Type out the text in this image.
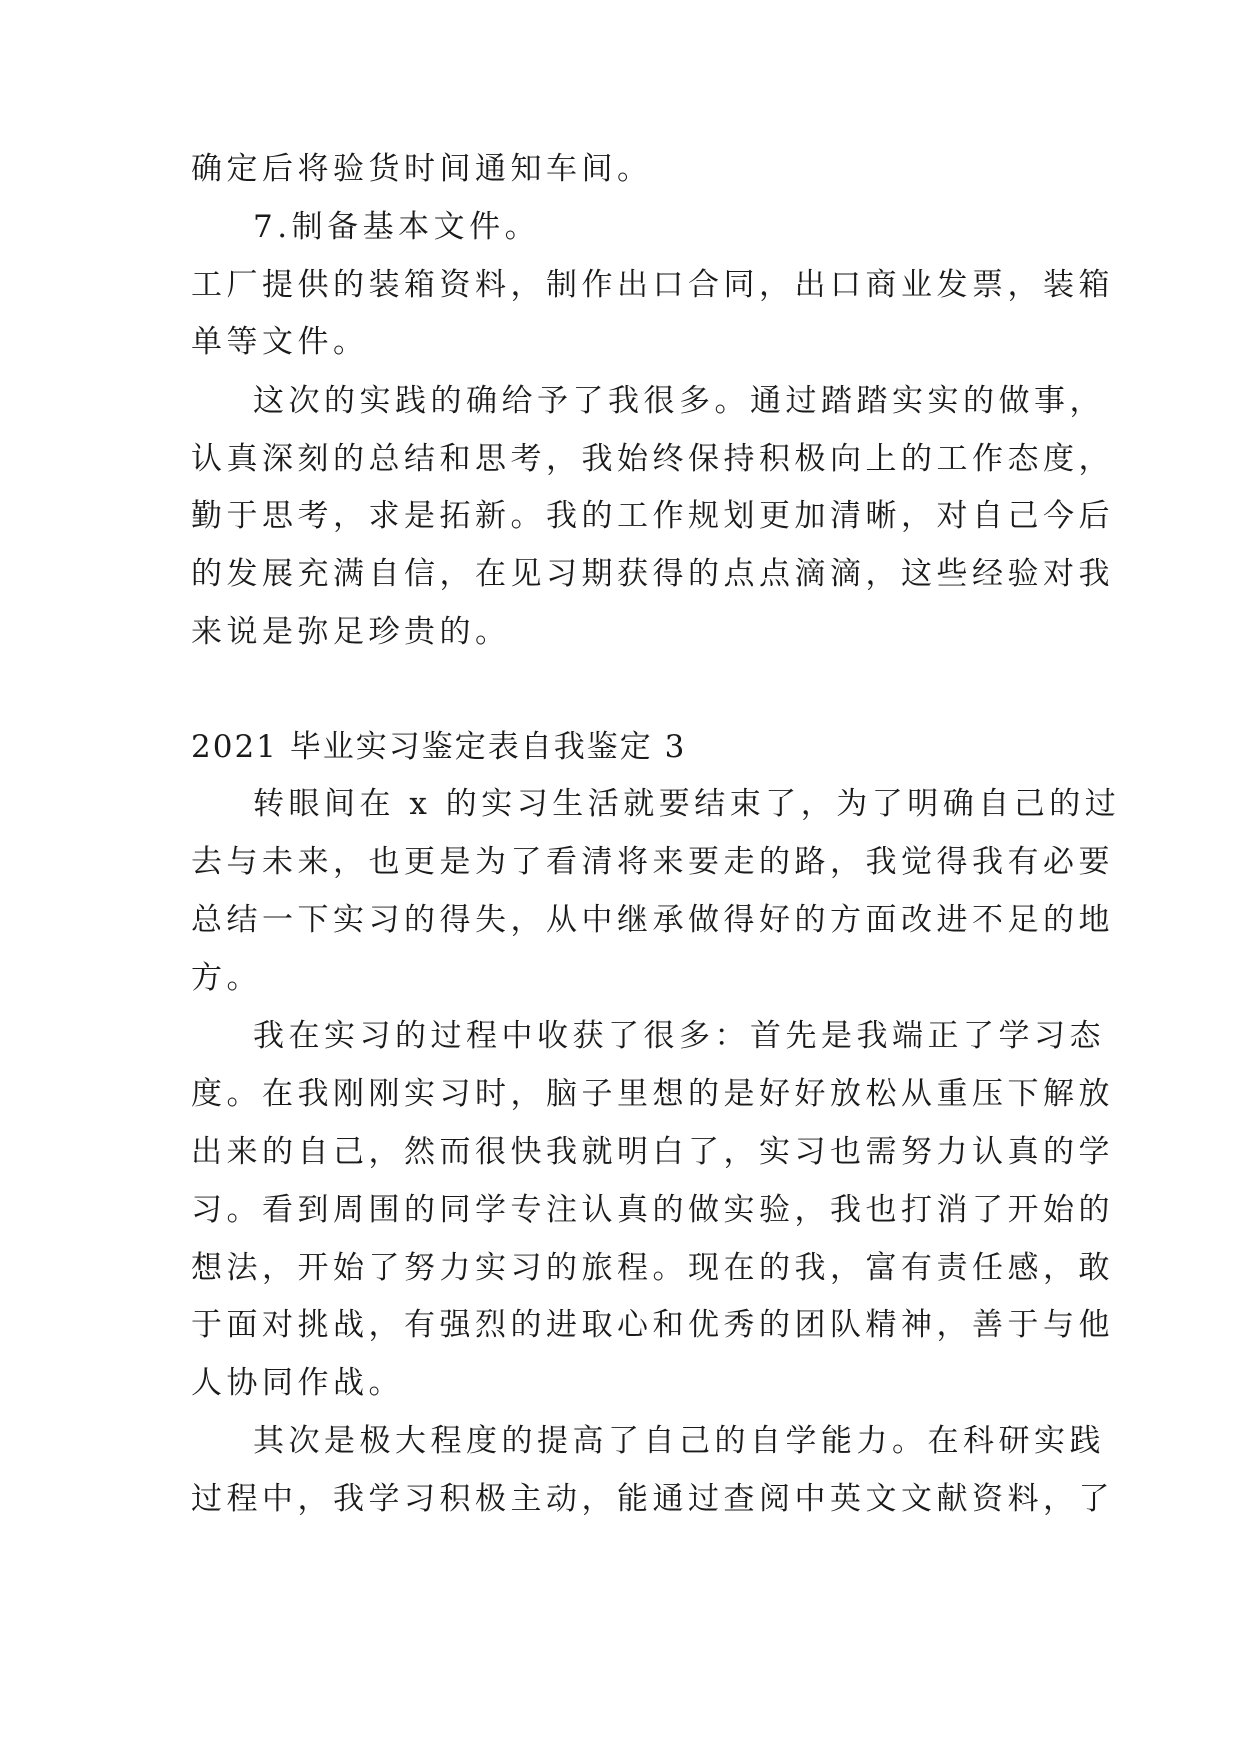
确定后将验货时间通知车间。
7.制备基本文件。
工厂提供的装箱资料，制作出口合同，出口商业发票，装箱
单等文件。
这次的实践的确给予了我很多。通过踏踏实实的做事，
认真深刻的总结和思考，我始终保持积极向上的工作态度，
勤于思考，求是拓新。我的工作规划更加清晰，对自己今后
的发展充满自信，在见习期获得的点点滴滴，这些经验对我
来说是弥足珍贵的。
2021 毕业实习鉴定表自我鉴定 3
转眼间在 x 的实习生活就要结束了，为了明确自己的过
去与未来，也更是为了看清将来要走的路，我觉得我有必要
总结一下实习的得失，从中继承做得好的方面改进不足的地
方。
我在实习的过程中收获了很多：首先是我端正了学习态
度。在我刚刚实习时，脑子里想的是好好放松从重压下解放
出来的自己，然而很快我就明白了，实习也需努力认真的学
习。看到周围的同学专注认真的做实验，我也打消了开始的
想法，开始了努力实习的旅程。现在的我，富有责任感，敢
于面对挑战，有强烈的进取心和优秀的团队精神，善于与他
人协同作战。
其次是极大程度的提高了自己的自学能力。在科研实践
过程中，我学习积极主动，能通过查阅中英文文献资料，了
